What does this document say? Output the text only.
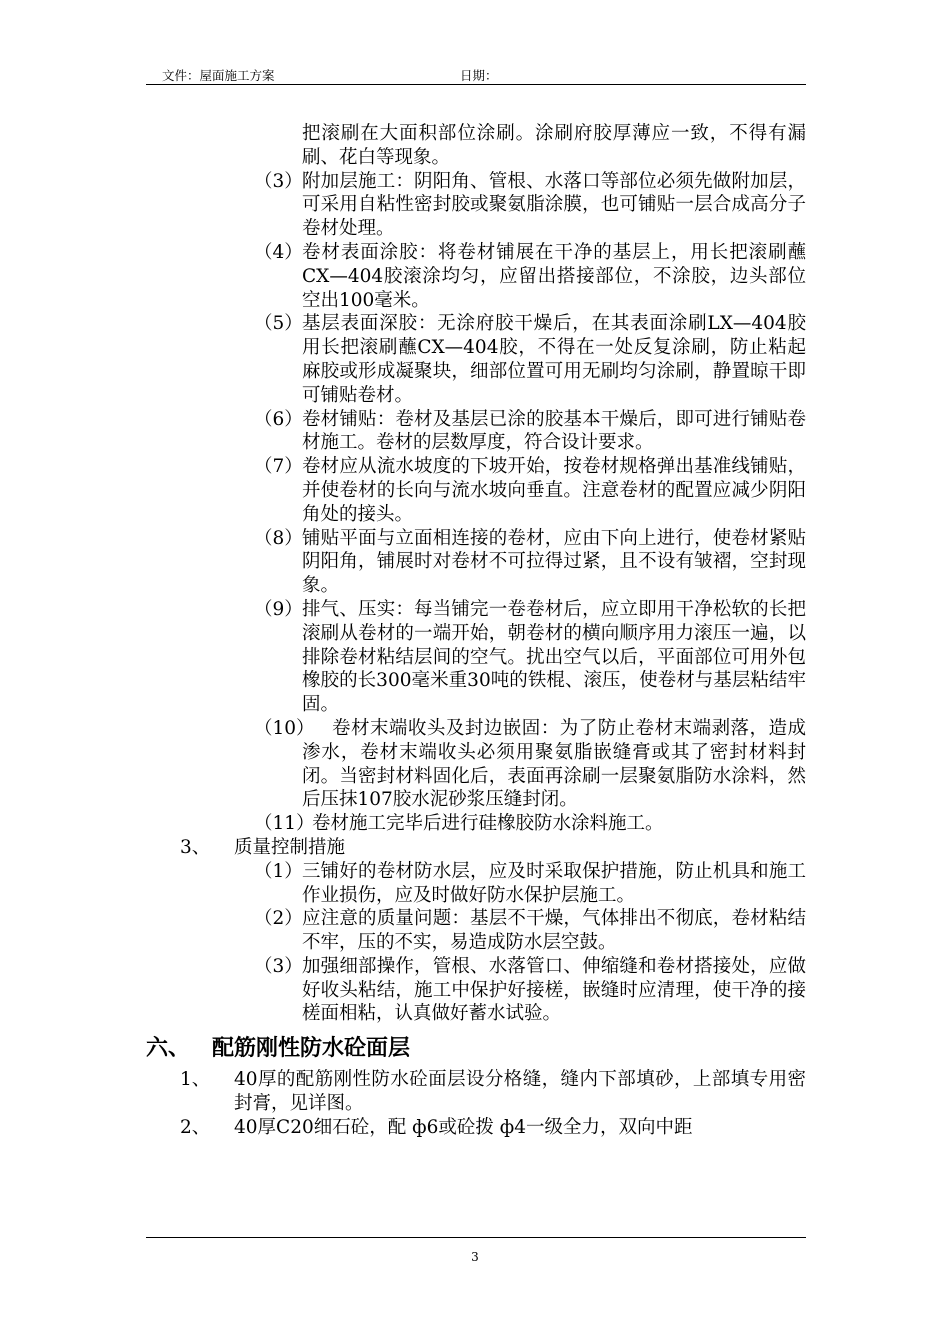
文件：屋面施工方案	日期：
把滚刷在大面积部位涂刷。涂刷府胶厚薄应一致，不得有漏刷、花白等现象。
（3） 附加层施工：阴阳角、管根、水落口等部位必须先做附加层，可采用自粘性密封胶或聚氨脂涂膜，也可铺贴一层合成高分子卷材处理。
（4） 卷材表面涂胶：将卷材铺展在干净的基层上，用长把滚刷蘸CX—404胶滚涂均匀，应留出搭接部位，不涂胶，边头部位空出100毫米。
（5） 基层表面深胶：无涂府胶干燥后，在其表面涂刷LX—404胶用长把滚刷蘸CX—404胶，不得在一处反复涂刷，防止粘起麻胶或形成凝聚块，细部位置可用无刷均匀涂刷，静置晾干即可铺贴卷材。
（6） 卷材铺贴：卷材及基层已涂的胶基本干燥后，即可进行铺贴卷材施工。卷材的层数厚度，符合设计要求。
（7） 卷材应从流水坡度的下坡开始，按卷材规格弹出基准线铺贴，并使卷材的长向与流水坡向垂直。注意卷材的配置应减少阴阳角处的接头。
（8） 铺贴平面与立面相连接的卷材，应由下向上进行，使卷材紧贴阴阳角，铺展时对卷材不可拉得过紧，且不设有皱褶，空封现象。
（9） 排气、压实：每当铺完一卷卷材后，应立即用干净松软的长把滚刷从卷材的一端开始，朝卷材的横向顺序用力滚压一遍，以排除卷材粘结层间的空气。扰出空气以后，平面部位可用外包橡胶的长300毫米重30吨的铁棍、滚压，使卷材与基层粘结牢固。
（10） 卷材末端收头及封边嵌固：为了防止卷材末端剥落，造成渗水，卷材末端收头必须用聚氨脂嵌缝膏或其了密封材料封闭。当密封材料固化后，表面再涂刷一层聚氨脂防水涂料，然后压抹107胶水泥砂浆压缝封闭。
（11）
卷材施工完毕后进行硅橡胶防水涂料施工。
3、 质量控制措施
（1） 三铺好的卷材防水层，应及时采取保护措施，防止机具和施工作业损伤，应及时做好防水保护层施工。
（2） 应注意的质量问题：基层不干燥，气体排出不彻底，卷材粘结不牢，压的不实，易造成防水层空鼓。
（3） 加强细部操作，管根、水落管口、伸缩缝和卷材搭接处，应做好收头粘结，施工中保护好接槎，嵌缝时应清理，使干净的接槎面相粘，认真做好蓄水试验。
六、 配筋刚性防水砼面层
1、 40厚的配筋刚性防水砼面层设分格缝，缝内下部填砂，上部填专用密封膏，见详图。
2、 40厚C20细石砼，配 ф6或砼拨 ф4一级全力，双向中距
3
